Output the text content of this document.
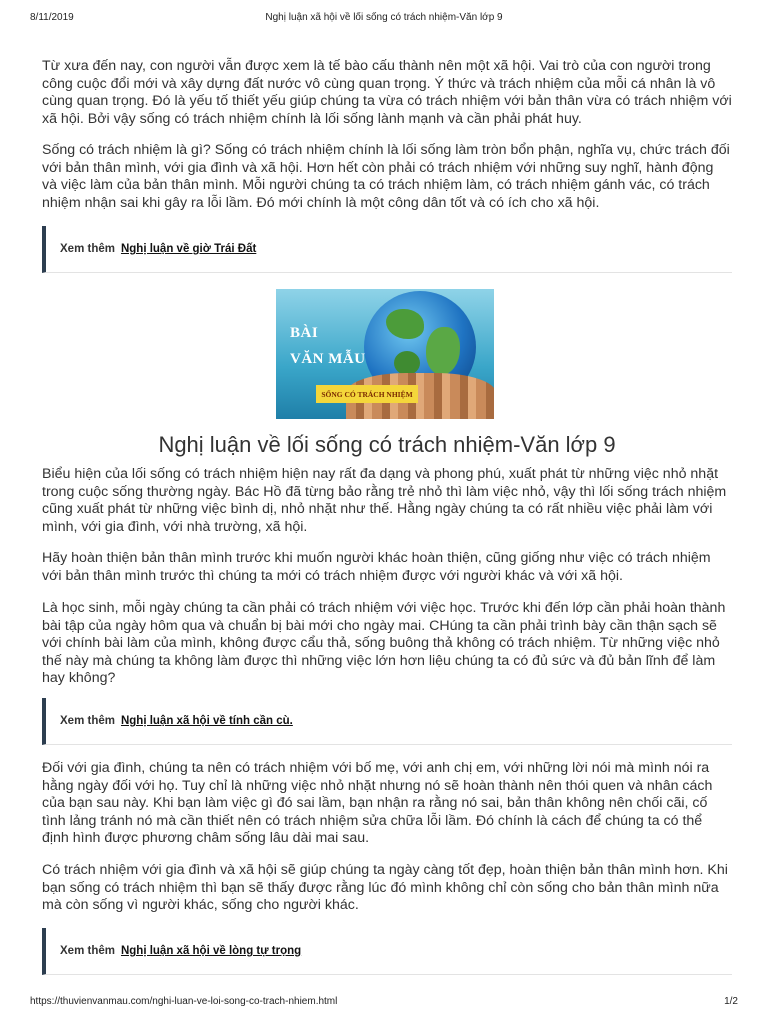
8/11/2019	Nghị luận xã hội về lối sống có trách nhiệm-Văn lớp 9

Từ xưa đến nay, con người vẫn được xem là tế bào cấu thành nên một xã hội. Vai trò của con người trong công cuộc đổi mới và xây dựng đất nước vô cùng quan trọng. Ý thức và trách nhiệm của mỗi cá nhân là vô cùng quan trọng. Đó là yếu tố thiết yếu giúp chúng ta vừa có trách nhiệm với bản thân vừa có trách nhiệm với xã hội. Bởi vậy sống có trách nhiệm chính là lối sống lành mạnh và cần phải phát huy.

Sống có trách nhiệm là gì? Sống có trách nhiệm chính là lối sống làm tròn bổn phận, nghĩa vụ, chức trách đối với bản thân mình, với gia đình và xã hội. Hơn hết còn phải có trách nhiệm với những suy nghĩ, hành động và việc làm của bản thân mình. Mỗi người chúng ta có trách nhiệm làm, có trách nhiệm gánh vác, có trách nhiệm nhận sai khi gây ra lỗi lầm. Đó mới chính là một công dân tốt và có ích cho xã hội.

Xem thêm Nghị luận về giờ Trái Đất
BÀI
VĂN MẪU
SỐNG CÓ TRÁCH NHIỆM
Nghị luận về lối sống có trách nhiệm-Văn lớp 9

Biểu hiện của lối sống có trách nhiệm hiện nay rất đa dạng và phong phú, xuất phát từ những việc nhỏ nhặt trong cuộc sống thường ngày. Bác Hồ đã từng bảo rằng trẻ nhỏ thì làm việc nhỏ, vậy thì lối sống trách nhiệm cũng xuất phát từ những việc bình dị, nhỏ nhặt như thế. Hằng ngày chúng ta có rất nhiều việc phải làm với mình, với gia đình, với nhà trường, xã hội.

Hãy hoàn thiện bản thân mình trước khi muốn người khác hoàn thiện, cũng giống như việc có trách nhiệm với bản thân mình trước thì chúng ta mới có trách nhiệm được với người khác và với xã hội.

Là học sinh, mỗi ngày chúng ta cần phải có trách nhiệm với việc học. Trước khi đến lớp cần phải hoàn thành bài tập của ngày hôm qua và chuẩn bị bài mới cho ngày mai. CHúng ta cần phải trình bày cần thận sạch sẽ với chính bài làm của mình, không được cẩu thả, sống buông thả không có trách nhiệm. Từ những việc nhỏ thế này mà chúng ta không làm được thì những việc lớn hơn liệu chúng ta có đủ sức và đủ bản lĩnh để làm hay không?

Xem thêm Nghị luận xã hội về tính cần cù.

Đối với gia đình, chúng ta nên có trách nhiệm với bố mẹ, với anh chị em, với những lời nói mà mình nói ra hằng ngày đối với họ. Tuy chỉ là những việc nhỏ nhặt nhưng nó sẽ hoàn thành nên thói quen và nhân cách của bạn sau này. Khi bạn làm việc gì đó sai lầm, bạn nhận ra rằng nó sai, bản thân không nên chối cãi, cố tình lảng tránh nó mà cần thiết nên có trách nhiệm sửa chữa lỗi lầm. Đó chính là cách để chúng ta có thể định hình được phương châm sống lâu dài mai sau.

Có trách nhiệm với gia đình và xã hội sẽ giúp chúng ta ngày càng tốt đẹp, hoàn thiện bản thân mình hơn. Khi bạn sống có trách nhiệm thì bạn sẽ thấy được rằng lúc đó mình không chỉ còn sống cho bản thân mình nữa mà còn sống vì người khác, sống cho người khác.

Xem thêm Nghị luận xã hội về lòng tự trọng
https://thuvienvanmau.com/nghi-luan-ve-loi-song-co-trach-nhiem.html	1/2
